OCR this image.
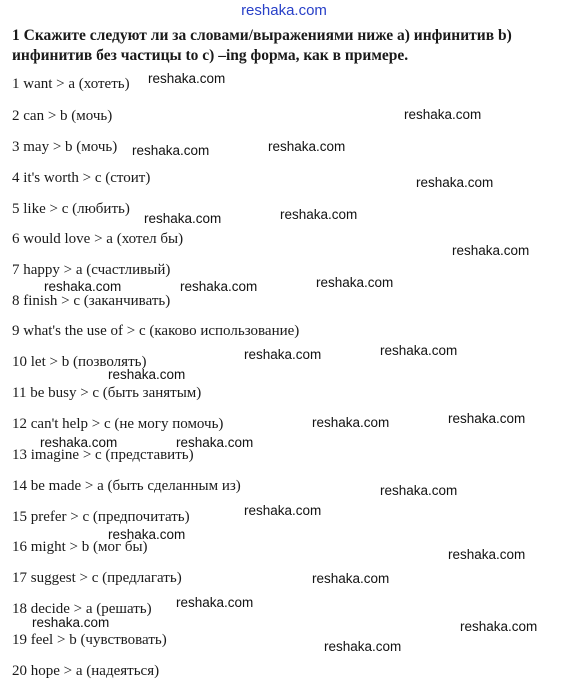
reshaka.com
1 Скажите следуют ли за словами/выражениями ниже a) инфинитив b) инфинитив без частицы to c) –ing форма, как в примере.
1 want > a (хотеть)
2 can > b (мочь)
3 may > b (мочь)
4 it's worth > c (стоит)
5 like > c (любить)
6 would love > a (хотел бы)
7 happy > a (счастливый)
8 finish > c (заканчивать)
9 what's the use of > c (каково использование)
10 let > b (позволять)
11 be busy > c (быть занятым)
12 can't help > c (не могу помочь)
13 imagine > c (представить)
14 be made > a (быть сделанным из)
15 prefer > c (предпочитать)
16 might > b (мог бы)
17 suggest > c (предлагать)
18 decide > a (решать)
19 feel > b (чувствовать)
20 hope > a (надеяться)
reshaka.com
reshaka.com
reshaka.com	reshaka.com
reshaka.com
reshaka.com	reshaka.com
reshaka.com
reshaka.com
reshaka.com	reshaka.com
reshaka.com
reshaka.com
reshaka.com
reshaka.com
reshaka.com
reshaka.com	reshaka.com
reshaka.com
reshaka.com
reshaka.com
reshaka.com
reshaka.com
reshaka.com
reshaka.com	reshaka.com
reshaka.com
